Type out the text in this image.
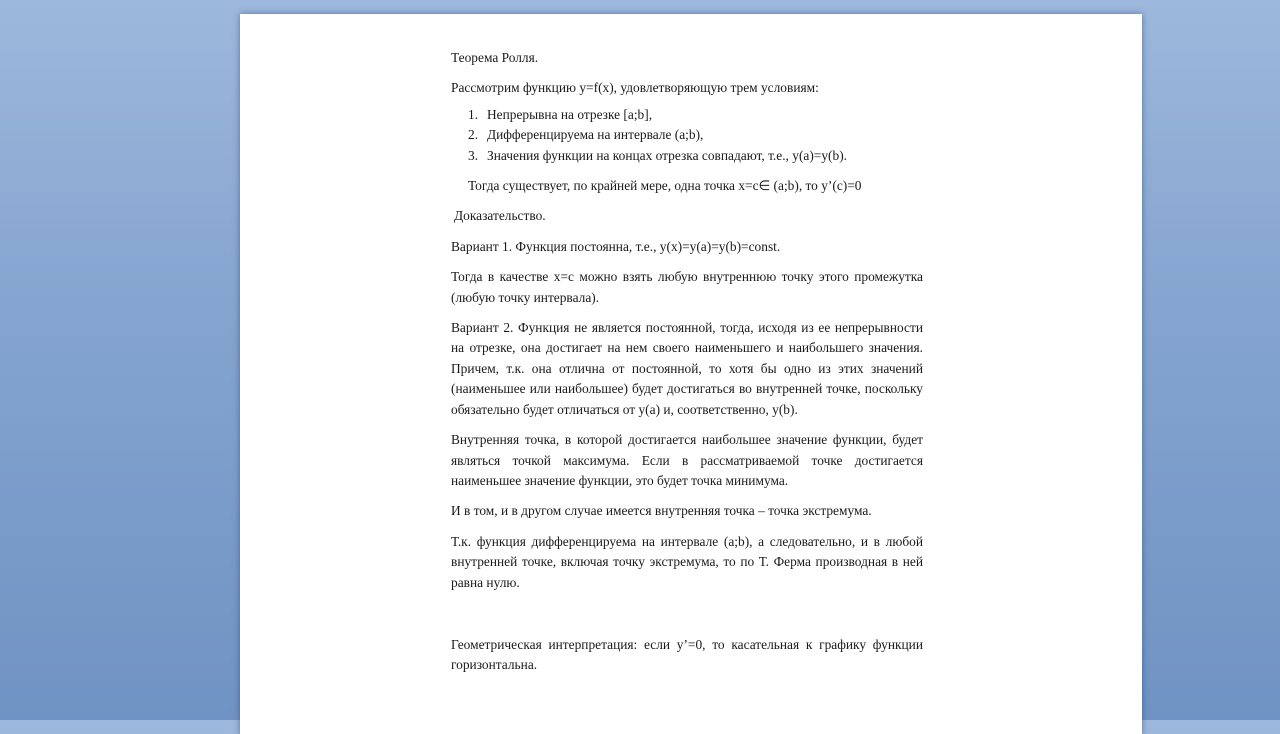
Теорема Ролля.

Рассмотрим функцию y=f(x), удовлетворяющую трем условиям:

1. Непрерывна на отрезке [a;b],
2. Дифференцируема на интервале (a;b),
3. Значения функции на концах отрезка совпадают, т.е., y(a)=y(b).

Тогда существует, по крайней мере, одна точка x=c∈ (a;b), то y’(c)=0

Доказательство.

Вариант 1. Функция постоянна, т.е., y(x)=y(a)=y(b)=const.

Тогда в качестве x=c можно взять любую внутреннюю точку этого промежутка (любую точку интервала).

Вариант 2. Функция не является постоянной, тогда, исходя из ее непрерывности на отрезке, она достигает на нем своего наименьшего и наибольшего значения. Причем, т.к. она отлична от постоянной, то хотя бы одно из этих значений (наименьшее или наибольшее) будет достигаться во внутренней точке, поскольку обязательно будет отличаться от y(a) и, соответственно, y(b).

Внутренняя точка, в которой достигается наибольшее значение функции, будет являться точкой максимума. Если в рассматриваемой точке достигается наименьшее значение функции, это будет точка минимума.

И в том, и в другом случае имеется внутренняя точка – точка экстремума.

Т.к. функция дифференцируема на интервале (a;b), а следовательно, и в любой внутренней точке, включая точку экстремума, то по Т. Ферма производная в ней равна нулю.

Геометрическая интерпретация: если y’=0, то касательная к графику функции горизонтальна.
